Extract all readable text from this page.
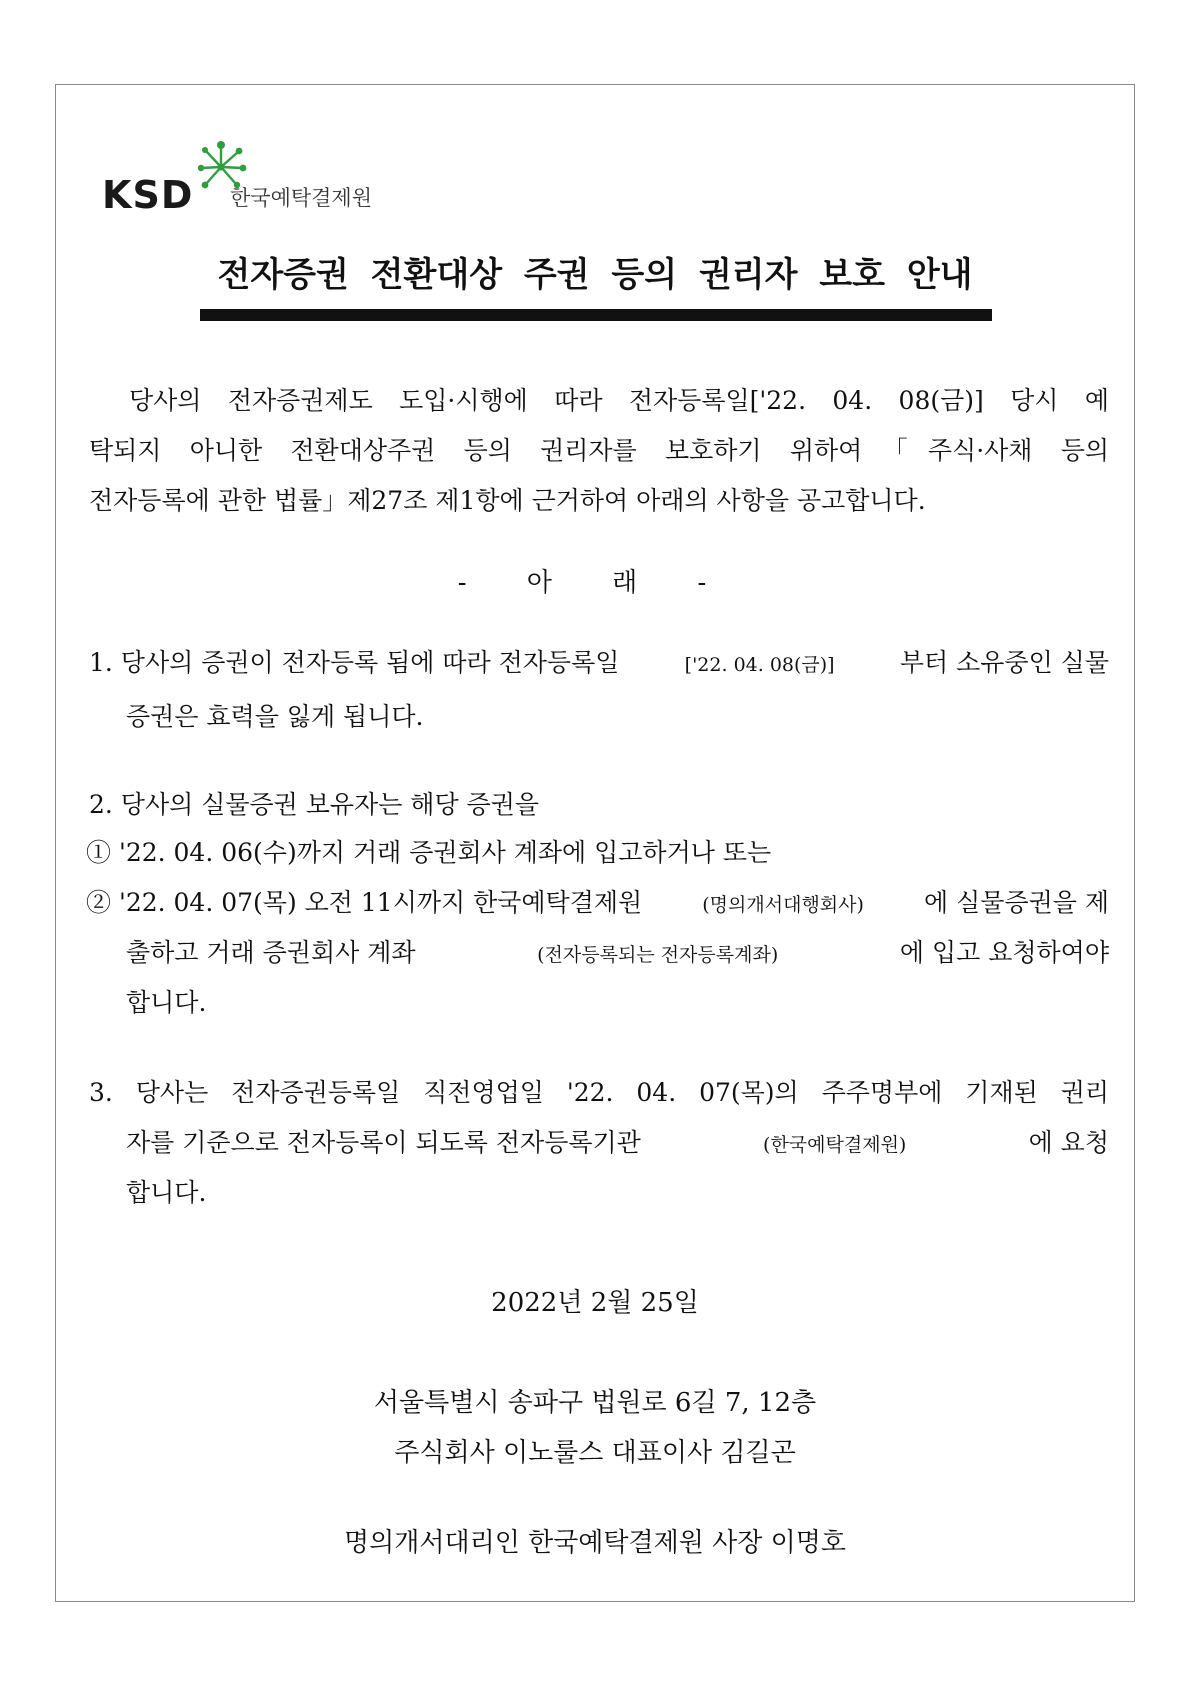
KSD 한국예탁결제원
전자증권 전환대상 주권 등의 권리자 보호 안내
당사의 전자증권제도 도입·시행에 따라 전자등록일['22. 04. 08(금)] 당시 예
탁되지 아니한 전환대상주권 등의 권리자를 보호하기 위하여「주식·사채 등의
전자등록에 관한 법률」제27조 제1항에 근거하여 아래의 사항을 공고합니다.
- 아 래 -
1. 당사의 증권이 전자등록 됨에 따라 전자등록일	['22. 04. 08(금)]	부터 소유중인 실물
증권은 효력을 잃게 됩니다.
2. 당사의 실물증권 보유자는 해당 증권을
① '22. 04. 06(수)까지 거래 증권회사 계좌에 입고하거나 또는
② '22. 04. 07(목) 오전 11시까지 한국예탁결제원	(명의개서대행회사) 에 실물증권을 제
출하고 거래 증권회사 계좌	(전자등록되는 전자등록계좌)	에 입고 요청하여야
합니다.
3. 당사는 전자증권등록일 직전영업일 '22. 04. 07(목)의 주주명부에 기재된 권리
자를 기준으로 전자등록이 되도록 전자등록기관	(한국예탁결제원)	에 요청
합니다.
2022년 2월 25일
서울특별시 송파구 법원로 6길 7, 12층
주식회사 이노룰스 대표이사 김길곤
명의개서대리인 한국예탁결제원 사장 이명호
